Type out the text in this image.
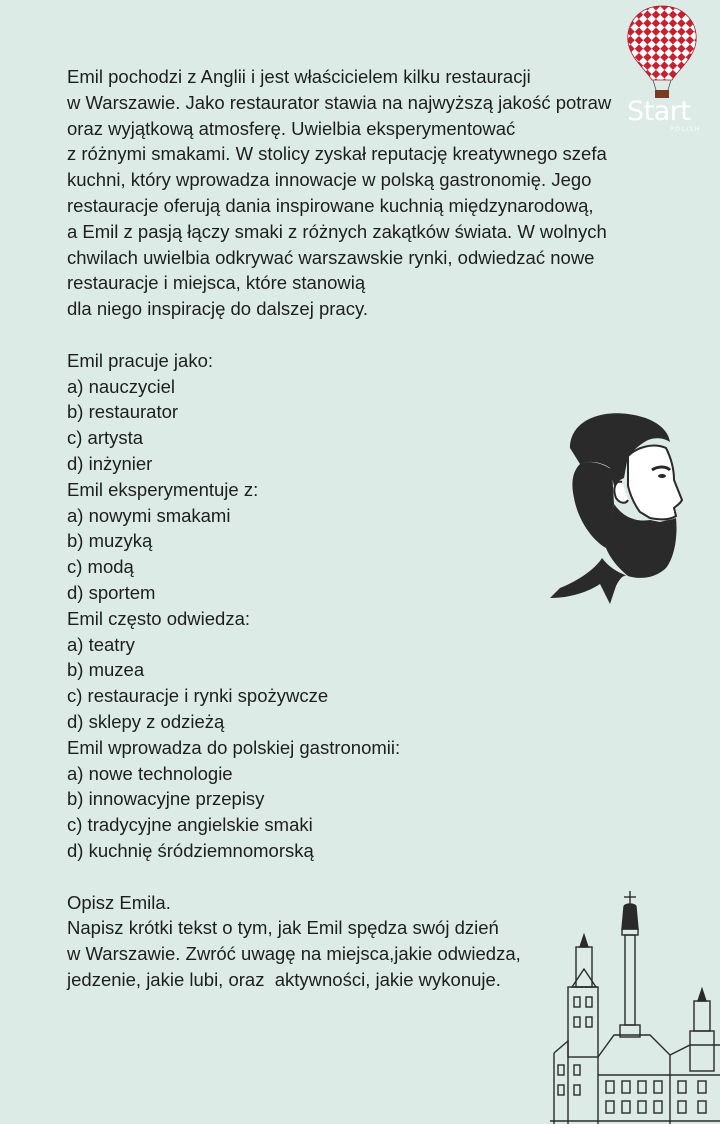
Start
POLISH
Emil pochodzi z Anglii i jest właścicielem kilku restauracji
w Warszawie. Jako restaurator stawia na najwyższą jakość potraw
oraz wyjątkową atmosferę. Uwielbia eksperymentować
z różnymi smakami. W stolicy zyskał reputację kreatywnego szefa
kuchni, który wprowadza innowacje w polską gastronomię. Jego
restauracje oferują dania inspirowane kuchnią międzynarodową,
a Emil z pasją łączy smaki z różnych zakątków świata. W wolnych
chwilach uwielbia odkrywać warszawskie rynki, odwiedzać nowe
restauracje i miejsca, które stanowią
dla niego inspirację do dalszej pracy.
Emil pracuje jako:
a) nauczyciel
b) restaurator
c) artysta
d) inżynier
Emil eksperymentuje z:
a) nowymi smakami
b) muzyką
c) modą
d) sportem
Emil często odwiedza:
a) teatry
b) muzea
c) restauracje i rynki spożywcze
d) sklepy z odzieżą
Emil wprowadza do polskiej gastronomii:
a) nowe technologie
b) innowacyjne przepisy
c) tradycyjne angielskie smaki
d) kuchnię śródziemnomorską
Opisz Emila.
Napisz krótki tekst o tym, jak Emil spędza swój dzień
w Warszawie. Zwróć uwagę na miejsca,jakie odwiedza,
jedzenie, jakie lubi, oraz  aktywności, jakie wykonuje.
